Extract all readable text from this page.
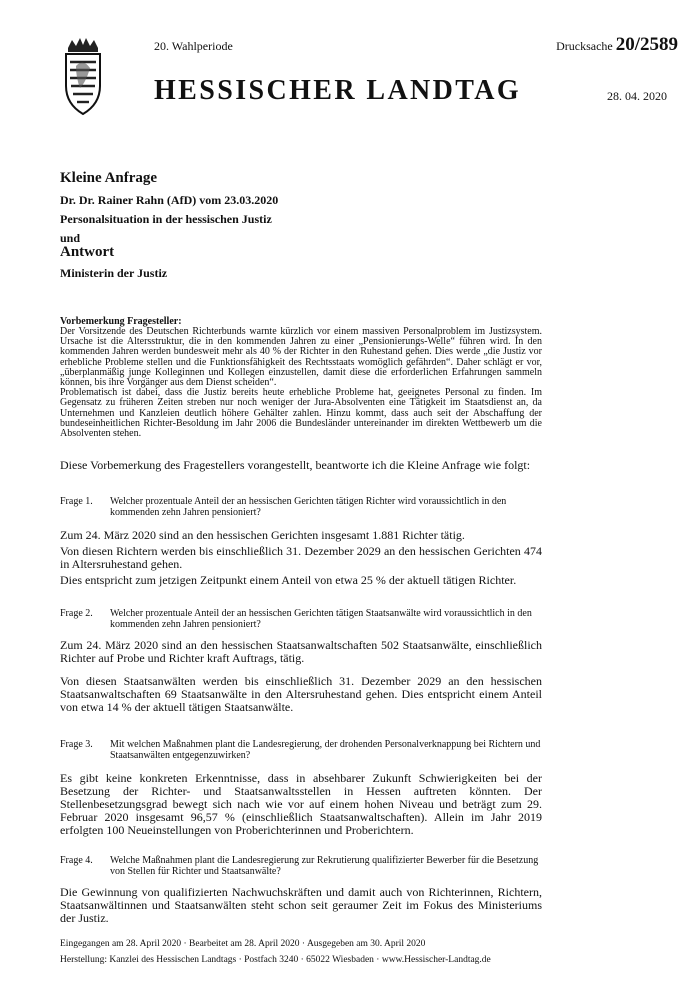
20. Wahlperiode	Drucksache 20/2589
HESSISCHER LANDTAG	28. 04. 2020
Kleine Anfrage
Dr. Dr. Rainer Rahn (AfD) vom 23.03.2020
Personalsituation in der hessischen Justiz
und
Antwort
Ministerin der Justiz
Vorbemerkung Fragesteller:

Der Vorsitzende des Deutschen Richterbunds warnte kürzlich vor einem massiven Personalproblem im Justizsystem. Ursache ist die Altersstruktur, die in den kommenden Jahren zu einer „Pensionierungs-Welle“ führen wird. In den kommenden Jahren werden bundesweit mehr als 40 % der Richter in den Ruhestand gehen. Dies werde „die Justiz vor erhebliche Probleme stellen und die Funktionsfähigkeit des Rechtsstaats womöglich gefährden“. Daher schlägt er vor, „überplanmäßig junge Kolleginnen und Kollegen einzustellen, damit diese die erforderlichen Erfahrungen sammeln können, bis ihre Vorgänger aus dem Dienst scheiden“.

Problematisch ist dabei, dass die Justiz bereits heute erhebliche Probleme hat, geeignetes Personal zu finden. Im Gegensatz zu früheren Zeiten streben nur noch weniger der Jura-Absolventen eine Tätigkeit im Staatsdienst an, da Unternehmen und Kanzleien deutlich höhere Gehälter zahlen. Hinzu kommt, dass auch seit der Abschaffung der bundeseinheitlichen Richter-Besoldung im Jahr 2006 die Bundesländer untereinander im direkten Wettbewerb um die Absolventen stehen.

Diese Vorbemerkung des Fragestellers vorangestellt, beantworte ich die Kleine Anfrage wie folgt:
Frage 1. Welcher prozentuale Anteil der an hessischen Gerichten tätigen Richter wird voraussichtlich in den kommenden zehn Jahren pensioniert?

Zum 24. März 2020 sind an den hessischen Gerichten insgesamt 1.881 Richter tätig.

Von diesen Richtern werden bis einschließlich 31. Dezember 2029 an den hessischen Gerichten 474 in Altersruhestand gehen.

Dies entspricht zum jetzigen Zeitpunkt einem Anteil von etwa 25 % der aktuell tätigen Richter.

Frage 2. Welcher prozentuale Anteil der an hessischen Gerichten tätigen Staatsanwälte wird voraussichtlich in den kommenden zehn Jahren pensioniert?

Zum 24. März 2020 sind an den hessischen Staatsanwaltschaften 502 Staatsanwälte, einschließlich Richter auf Probe und Richter kraft Auftrags, tätig.

Von diesen Staatsanwälten werden bis einschließlich 31. Dezember 2029 an den hessischen Staatsanwaltschaften 69 Staatsanwälte in den Altersruhestand gehen. Dies entspricht einem Anteil von etwa 14 % der aktuell tätigen Staatsanwälte.

Frage 3. Mit welchen Maßnahmen plant die Landesregierung, der drohenden Personalverknappung bei Richtern und Staatsanwälten entgegenzuwirken?

Es gibt keine konkreten Erkenntnisse, dass in absehbarer Zukunft Schwierigkeiten bei der Besetzung der Richter- und Staatsanwaltsstellen in Hessen auftreten könnten. Der Stellenbesetzungsgrad bewegt sich nach wie vor auf einem hohen Niveau und beträgt zum 29. Februar 2020 insgesamt 96,57 % (einschließlich Staatsanwaltschaften). Allein im Jahr 2019 erfolgten 100 Neueinstellungen von Proberichterinnen und Proberichtern.

Frage 4. Welche Maßnahmen plant die Landesregierung zur Rekrutierung qualifizierter Bewerber für die Besetzung von Stellen für Richter und Staatsanwälte?

Die Gewinnung von qualifizierten Nachwuchskräften und damit auch von Richterinnen, Richtern, Staatsanwältinnen und Staatsanwälten steht schon seit geraumer Zeit im Fokus des Ministeriums der Justiz.

Eingegangen am 28. April 2020 · Bearbeitet am 28. April 2020 · Ausgegeben am 30. April 2020
Herstellung: Kanzlei des Hessischen Landtags · Postfach 3240 · 65022 Wiesbaden · www.Hessischer-Landtag.de
